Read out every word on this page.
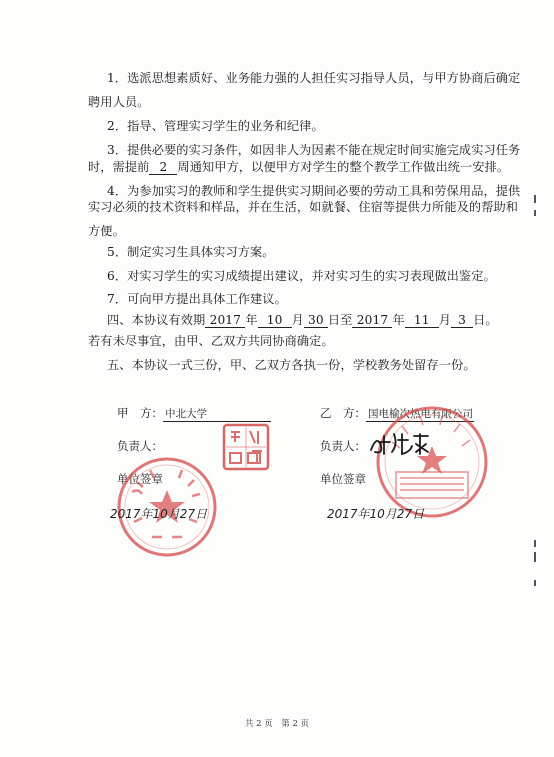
1．选派思想素质好、业务能力强的人担任实习指导人员，与甲方协商后确定
聘用人员。
2．指导、管理实习学生的业务和纪律。
3．提供必要的实习条件，如因非人为因素不能在规定时间实施完成实习任务
时，需提前 2 周通知甲方，以便甲方对学生的整个教学工作做出统一安排。
4．为参加实习的教师和学生提供实习期间必要的劳动工具和劳保用品，提供
实习必须的技术资料和样品，并在生活，如就餐、住宿等提供力所能及的帮助和
方便。
5．制定实习生具体实习方案。
6．对实习学生的实习成绩提出建议，并对实习生的实习表现做出鉴定。
7．可向甲方提出具体工作建议。
四、本协议有效期 2017 年 10 月 30 日至 2017 年 11 月 3 日。
若有未尽事宜，由甲、乙双方共同协商确定。
五、本协议一式三份，甲、乙双方各执一份，学校教务处留存一份。
甲　方： 中北大学
负责人：
单位签章
乙　方： 国电榆次热电有限公司
负责人：
单位签章
2017年10月27日	2017年10月27日
共 2 页　第 2 页
